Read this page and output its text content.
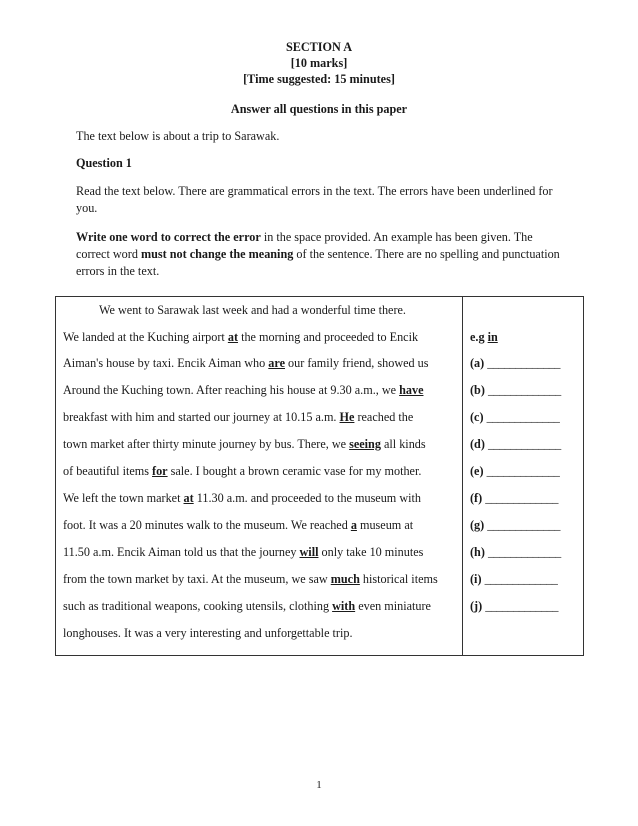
SECTION A
[10 marks]
[Time suggested: 15 minutes]
Answer all questions in this paper
The text below is about a trip to Sarawak.
Question 1
Read the text below. There are grammatical errors in the text. The errors have been underlined for you.
Write one word to correct the error in the space provided. An example has been given. The correct word must not change the meaning of the sentence. There are no spelling and punctuation errors in the text.
We went to Sarawak last week and had a wonderful time there.
We landed at the Kuching airport at the morning and proceeded to Encik
Aiman's house by taxi. Encik Aiman who are our family friend, showed us
Around the Kuching town. After reaching his house at 9.30 a.m., we have
breakfast with him and started our journey at 10.15 a.m. He reached the
town market after thirty minute journey by bus. There, we seeing all kinds
of beautiful items for sale. I bought a brown ceramic vase for my mother.
We left the town market at 11.30 a.m. and proceeded to the museum with
foot. It was a 20 minutes walk to the museum. We reached a museum at
11.50 a.m. Encik Aiman told us that the journey will only take 10 minutes
from the town market by taxi. At the museum, we saw much historical items
such as traditional weapons, cooking utensils, clothing with even miniature
longhouses. It was a very interesting and unforgettable trip.
e.g in
(a) _____________
(b) _____________
(c) _____________
(d) _____________
(e) _____________
(f) _____________
(g) _____________
(h) _____________
(i) _____________
(j) _____________
1
